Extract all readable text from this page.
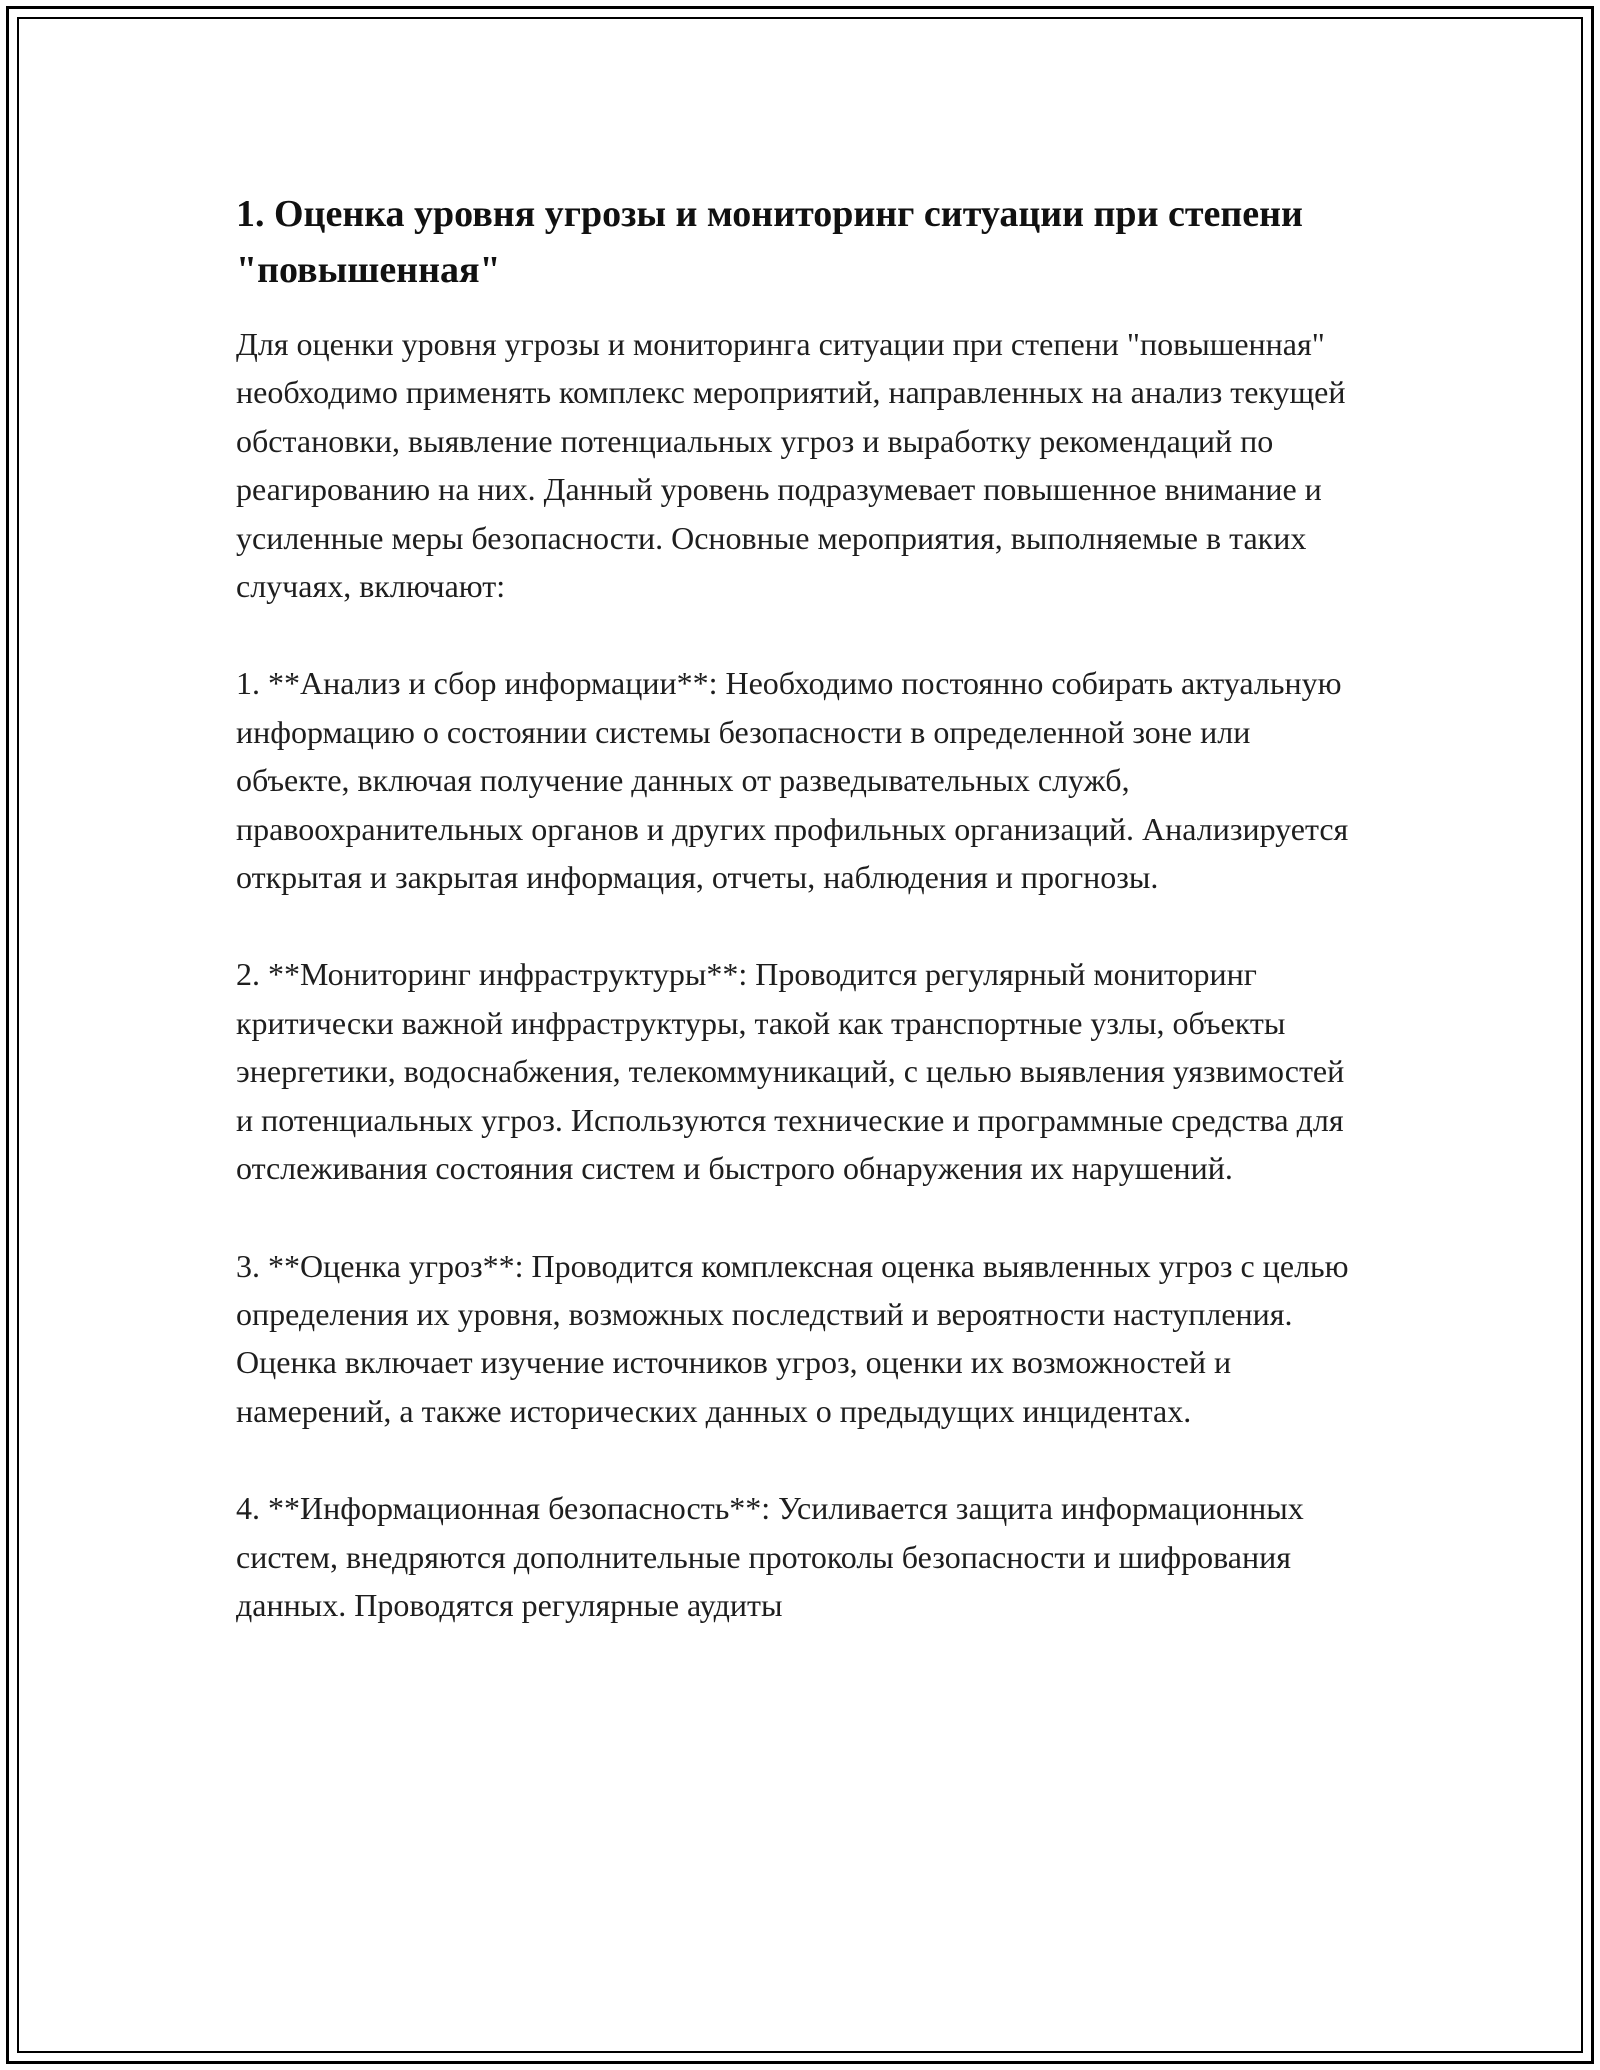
1. Оценка уровня угрозы и мониторинг ситуации при степени "повышенная"

Для оценки уровня угрозы и мониторинга ситуации при степени "повышенная" необходимо применять комплекс мероприятий, направленных на анализ текущей обстановки, выявление потенциальных угроз и выработку рекомендаций по реагированию на них. Данный уровень подразумевает повышенное внимание и усиленные меры безопасности. Основные мероприятия, выполняемые в таких случаях, включают:

1. **Анализ и сбор информации**: Необходимо постоянно собирать актуальную информацию о состоянии системы безопасности в определенной зоне или объекте, включая получение данных от разведывательных служб, правоохранительных органов и других профильных организаций. Анализируется открытая и закрытая информация, отчеты, наблюдения и прогнозы.

2. **Мониторинг инфраструктуры**: Проводится регулярный мониторинг критически важной инфраструктуры, такой как транспортные узлы, объекты энергетики, водоснабжения, телекоммуникаций, с целью выявления уязвимостей и потенциальных угроз. Используются технические и программные средства для отслеживания состояния систем и быстрого обнаружения их нарушений.

3. **Оценка угроз**: Проводится комплексная оценка выявленных угроз с целью определения их уровня, возможных последствий и вероятности наступления. Оценка включает изучение источников угроз, оценки их возможностей и намерений, а также исторических данных о предыдущих инцидентах.

4. **Информационная безопасность**: Усиливается защита информационных систем, внедряются дополнительные протоколы безопасности и шифрования данных. Проводятся регулярные аудиты
